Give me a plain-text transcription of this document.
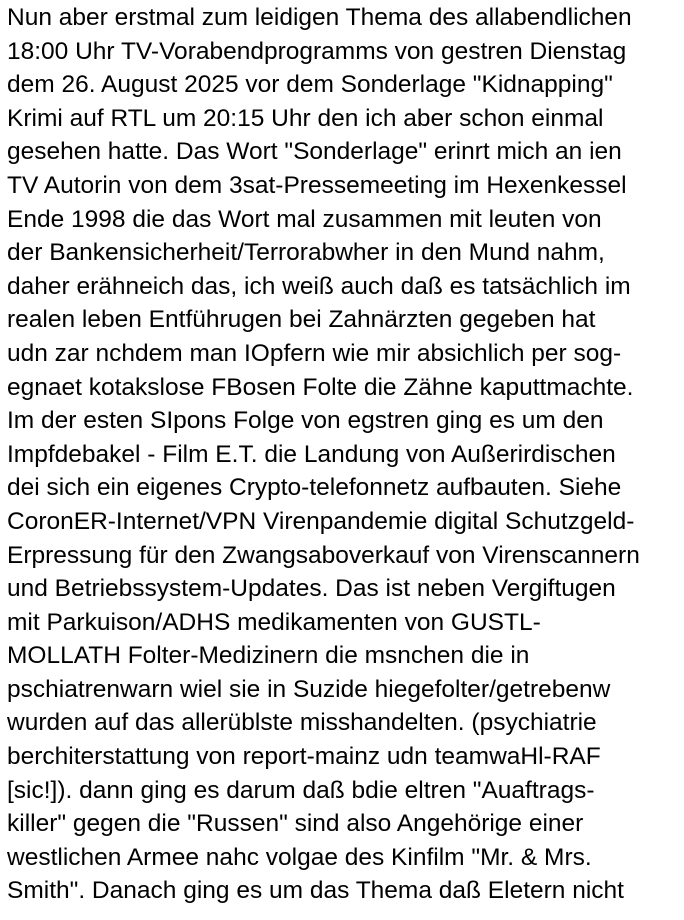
Nun aber erstmal zum leidigen Thema des allabendlichen
18:00 Uhr TV-Vorabendprogramms von gestren Dienstag
dem 26. August 2025 vor dem Sonderlage "Kidnapping"
Krimi auf RTL um 20:15 Uhr den ich aber schon einmal
gesehen hatte. Das Wort "Sonderlage" erinrt mich an ien
TV Autorin von dem 3sat-Pressemeeting im Hexenkessel
Ende 1998 die das Wort mal zusammen mit leuten von
der Bankensicherheit/Terrorabwher in den Mund nahm,
daher erähneich das, ich weiß auch daß es tatsächlich im
realen leben Entführugen bei Zahnärzten gegeben hat
udn zar nchdem man IOpfern wie mir absichlich per sog-
egnaet kotakslose FBosen Folte die Zähne kaputtmachte.
Im der esten SIpons Folge von egstren ging es um den
Impfdebakel - Film E.T. die Landung von Außerirdischen
dei sich ein eigenes Crypto-telefonnetz aufbauten. Siehe
CoronER-Internet/VPN Virenpandemie digital Schutzgeld-
Erpressung für den Zwangsaboverkauf von Virenscannern
und Betriebssystem-Updates. Das ist neben Vergiftugen
mit Parkuison/ADHS medikamenten von GUSTL-
MOLLATH Folter-Medizinern die msnchen die in
pschiatrenwarn wiel sie in Suzide hiegefolter/getrebenw
wurden auf das allerüblste misshandelten. (psychiatrie
berchiterstattung von report-mainz udn teamwaHl-RAF
[sic!]). dann ging es darum daß bdie eltren "Auaftrags-
killer" gegen die "Russen" sind also Angehörige einer
westlichen Armee nahc volgae des Kinfilm "Mr. & Mrs.
Smith". Danach ging es um das Thema daß Eletern nicht
